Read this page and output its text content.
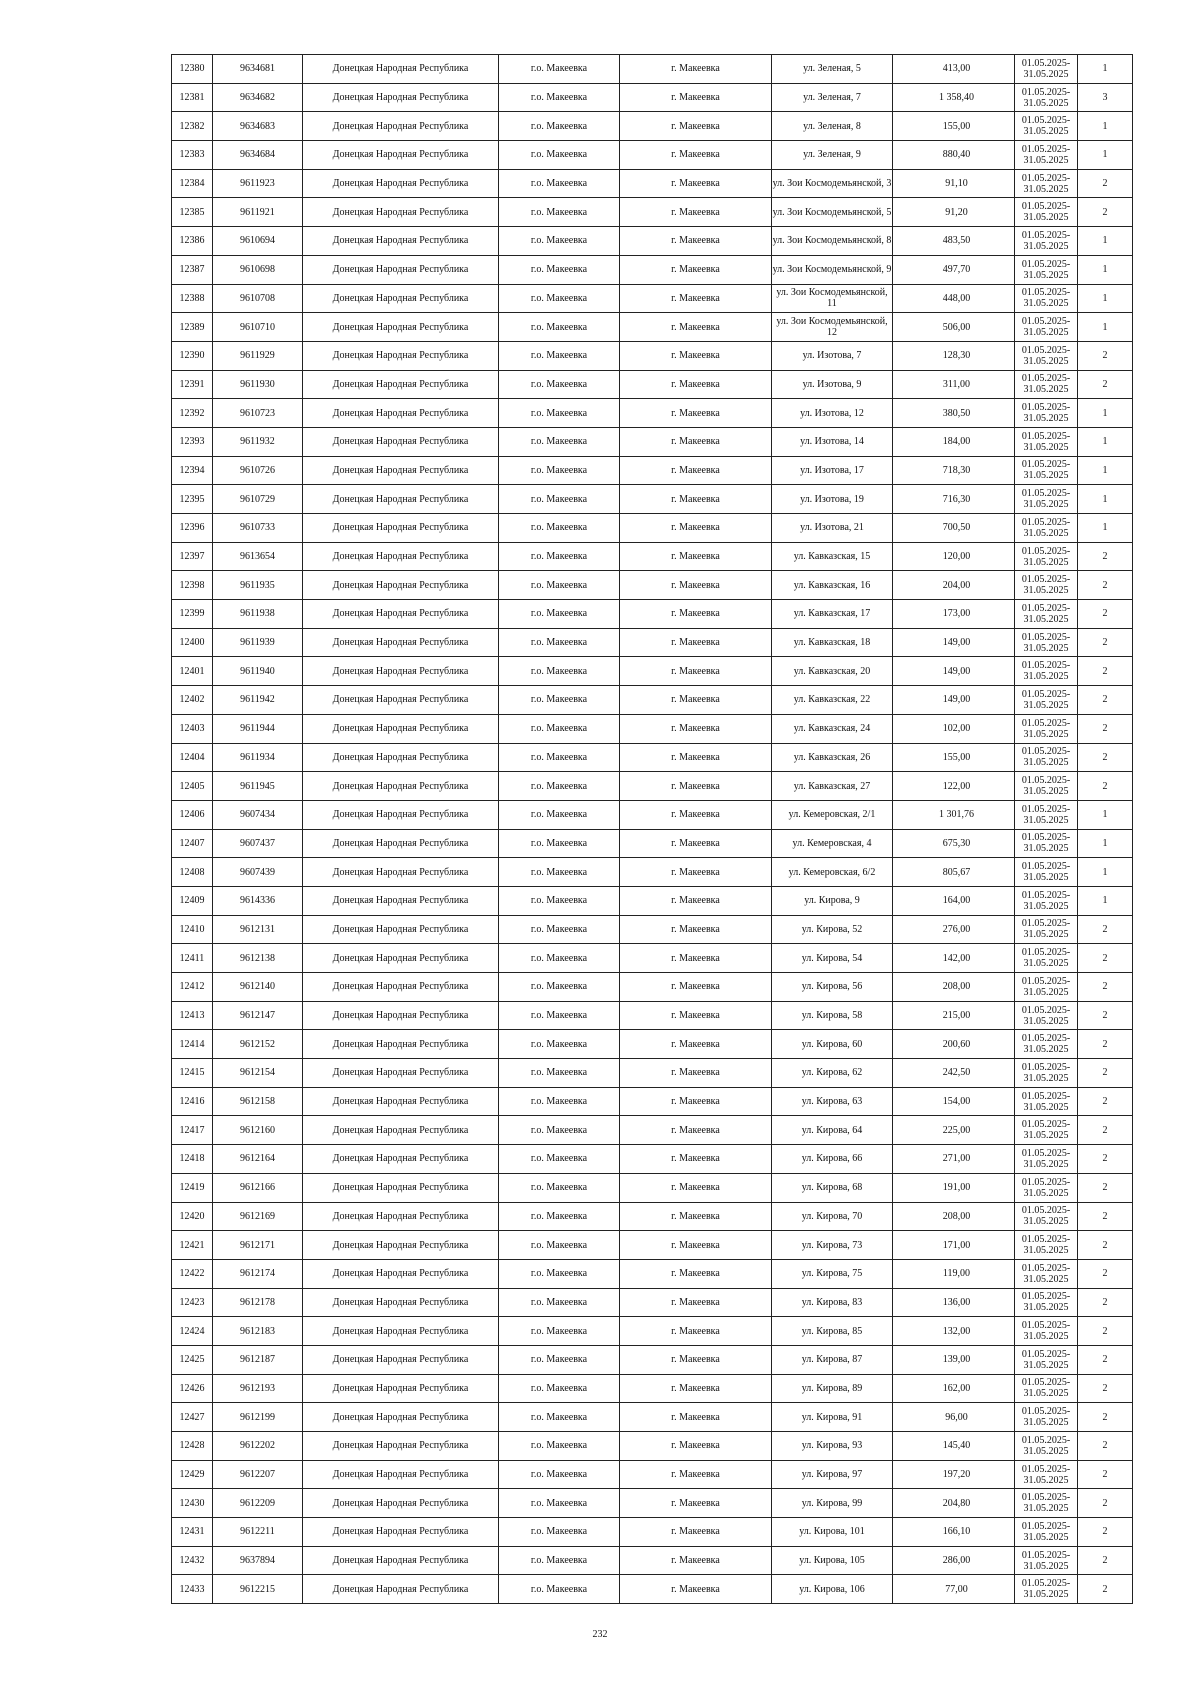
12380	9634681	Донецкая Народная Республика	г.о. Макеевка	г. Макеевка	ул. Зеленая, 5	413,00	01.05.2025- 31.05.2025	1
12381	9634682	Донецкая Народная Республика	г.о. Макеевка	г. Макеевка	ул. Зеленая, 7	1 358,40	01.05.2025- 31.05.2025	3
12382	9634683	Донецкая Народная Республика	г.о. Макеевка	г. Макеевка	ул. Зеленая, 8	155,00	01.05.2025- 31.05.2025	1
12383	9634684	Донецкая Народная Республика	г.о. Макеевка	г. Макеевка	ул. Зеленая, 9	880,40	01.05.2025- 31.05.2025	1
12384	9611923	Донецкая Народная Республика	г.о. Макеевка	г. Макеевка	ул. Зои Космодемьянской, 3	91,10	01.05.2025- 31.05.2025	2
12385	9611921	Донецкая Народная Республика	г.о. Макеевка	г. Макеевка	ул. Зои Космодемьянской, 5	91,20	01.05.2025- 31.05.2025	2
12386	9610694	Донецкая Народная Республика	г.о. Макеевка	г. Макеевка	ул. Зои Космодемьянской, 8	483,50	01.05.2025- 31.05.2025	1
12387	9610698	Донецкая Народная Республика	г.о. Макеевка	г. Макеевка	ул. Зои Космодемьянской, 9	497,70	01.05.2025- 31.05.2025	1
12388	9610708	Донецкая Народная Республика	г.о. Макеевка	г. Макеевка	ул. Зои Космодемьянской, 11	448,00	01.05.2025- 31.05.2025	1
12389	9610710	Донецкая Народная Республика	г.о. Макеевка	г. Макеевка	ул. Зои Космодемьянской, 12	506,00	01.05.2025- 31.05.2025	1
12390	9611929	Донецкая Народная Республика	г.о. Макеевка	г. Макеевка	ул. Изотова, 7	128,30	01.05.2025- 31.05.2025	2
12391	9611930	Донецкая Народная Республика	г.о. Макеевка	г. Макеевка	ул. Изотова, 9	311,00	01.05.2025- 31.05.2025	2
12392	9610723	Донецкая Народная Республика	г.о. Макеевка	г. Макеевка	ул. Изотова, 12	380,50	01.05.2025- 31.05.2025	1
12393	9611932	Донецкая Народная Республика	г.о. Макеевка	г. Макеевка	ул. Изотова, 14	184,00	01.05.2025- 31.05.2025	1
12394	9610726	Донецкая Народная Республика	г.о. Макеевка	г. Макеевка	ул. Изотова, 17	718,30	01.05.2025- 31.05.2025	1
12395	9610729	Донецкая Народная Республика	г.о. Макеевка	г. Макеевка	ул. Изотова, 19	716,30	01.05.2025- 31.05.2025	1
12396	9610733	Донецкая Народная Республика	г.о. Макеевка	г. Макеевка	ул. Изотова, 21	700,50	01.05.2025- 31.05.2025	1
12397	9613654	Донецкая Народная Республика	г.о. Макеевка	г. Макеевка	ул. Кавказская, 15	120,00	01.05.2025- 31.05.2025	2
12398	9611935	Донецкая Народная Республика	г.о. Макеевка	г. Макеевка	ул. Кавказская, 16	204,00	01.05.2025- 31.05.2025	2
12399	9611938	Донецкая Народная Республика	г.о. Макеевка	г. Макеевка	ул. Кавказская, 17	173,00	01.05.2025- 31.05.2025	2
12400	9611939	Донецкая Народная Республика	г.о. Макеевка	г. Макеевка	ул. Кавказская, 18	149,00	01.05.2025- 31.05.2025	2
12401	9611940	Донецкая Народная Республика	г.о. Макеевка	г. Макеевка	ул. Кавказская, 20	149,00	01.05.2025- 31.05.2025	2
12402	9611942	Донецкая Народная Республика	г.о. Макеевка	г. Макеевка	ул. Кавказская, 22	149,00	01.05.2025- 31.05.2025	2
12403	9611944	Донецкая Народная Республика	г.о. Макеевка	г. Макеевка	ул. Кавказская, 24	102,00	01.05.2025- 31.05.2025	2
12404	9611934	Донецкая Народная Республика	г.о. Макеевка	г. Макеевка	ул. Кавказская, 26	155,00	01.05.2025- 31.05.2025	2
12405	9611945	Донецкая Народная Республика	г.о. Макеевка	г. Макеевка	ул. Кавказская, 27	122,00	01.05.2025- 31.05.2025	2
12406	9607434	Донецкая Народная Республика	г.о. Макеевка	г. Макеевка	ул. Кемеровская, 2/1	1 301,76	01.05.2025- 31.05.2025	1
12407	9607437	Донецкая Народная Республика	г.о. Макеевка	г. Макеевка	ул. Кемеровская, 4	675,30	01.05.2025- 31.05.2025	1
12408	9607439	Донецкая Народная Республика	г.о. Макеевка	г. Макеевка	ул. Кемеровская, 6/2	805,67	01.05.2025- 31.05.2025	1
12409	9614336	Донецкая Народная Республика	г.о. Макеевка	г. Макеевка	ул. Кирова, 9	164,00	01.05.2025- 31.05.2025	1
12410	9612131	Донецкая Народная Республика	г.о. Макеевка	г. Макеевка	ул. Кирова, 52	276,00	01.05.2025- 31.05.2025	2
12411	9612138	Донецкая Народная Республика	г.о. Макеевка	г. Макеевка	ул. Кирова, 54	142,00	01.05.2025- 31.05.2025	2
12412	9612140	Донецкая Народная Республика	г.о. Макеевка	г. Макеевка	ул. Кирова, 56	208,00	01.05.2025- 31.05.2025	2
12413	9612147	Донецкая Народная Республика	г.о. Макеевка	г. Макеевка	ул. Кирова, 58	215,00	01.05.2025- 31.05.2025	2
12414	9612152	Донецкая Народная Республика	г.о. Макеевка	г. Макеевка	ул. Кирова, 60	200,60	01.05.2025- 31.05.2025	2
12415	9612154	Донецкая Народная Республика	г.о. Макеевка	г. Макеевка	ул. Кирова, 62	242,50	01.05.2025- 31.05.2025	2
12416	9612158	Донецкая Народная Республика	г.о. Макеевка	г. Макеевка	ул. Кирова, 63	154,00	01.05.2025- 31.05.2025	2
12417	9612160	Донецкая Народная Республика	г.о. Макеевка	г. Макеевка	ул. Кирова, 64	225,00	01.05.2025- 31.05.2025	2
12418	9612164	Донецкая Народная Республика	г.о. Макеевка	г. Макеевка	ул. Кирова, 66	271,00	01.05.2025- 31.05.2025	2
12419	9612166	Донецкая Народная Республика	г.о. Макеевка	г. Макеевка	ул. Кирова, 68	191,00	01.05.2025- 31.05.2025	2
12420	9612169	Донецкая Народная Республика	г.о. Макеевка	г. Макеевка	ул. Кирова, 70	208,00	01.05.2025- 31.05.2025	2
12421	9612171	Донецкая Народная Республика	г.о. Макеевка	г. Макеевка	ул. Кирова, 73	171,00	01.05.2025- 31.05.2025	2
12422	9612174	Донецкая Народная Республика	г.о. Макеевка	г. Макеевка	ул. Кирова, 75	119,00	01.05.2025- 31.05.2025	2
12423	9612178	Донецкая Народная Республика	г.о. Макеевка	г. Макеевка	ул. Кирова, 83	136,00	01.05.2025- 31.05.2025	2
12424	9612183	Донецкая Народная Республика	г.о. Макеевка	г. Макеевка	ул. Кирова, 85	132,00	01.05.2025- 31.05.2025	2
12425	9612187	Донецкая Народная Республика	г.о. Макеевка	г. Макеевка	ул. Кирова, 87	139,00	01.05.2025- 31.05.2025	2
12426	9612193	Донецкая Народная Республика	г.о. Макеевка	г. Макеевка	ул. Кирова, 89	162,00	01.05.2025- 31.05.2025	2
12427	9612199	Донецкая Народная Республика	г.о. Макеевка	г. Макеевка	ул. Кирова, 91	96,00	01.05.2025- 31.05.2025	2
12428	9612202	Донецкая Народная Республика	г.о. Макеевка	г. Макеевка	ул. Кирова, 93	145,40	01.05.2025- 31.05.2025	2
12429	9612207	Донецкая Народная Республика	г.о. Макеевка	г. Макеевка	ул. Кирова, 97	197,20	01.05.2025- 31.05.2025	2
12430	9612209	Донецкая Народная Республика	г.о. Макеевка	г. Макеевка	ул. Кирова, 99	204,80	01.05.2025- 31.05.2025	2
12431	9612211	Донецкая Народная Республика	г.о. Макеевка	г. Макеевка	ул. Кирова, 101	166,10	01.05.2025- 31.05.2025	2
12432	9637894	Донецкая Народная Республика	г.о. Макеевка	г. Макеевка	ул. Кирова, 105	286,00	01.05.2025- 31.05.2025	2
12433	9612215	Донецкая Народная Республика	г.о. Макеевка	г. Макеевка	ул. Кирова, 106	77,00	01.05.2025- 31.05.2025	2
232
